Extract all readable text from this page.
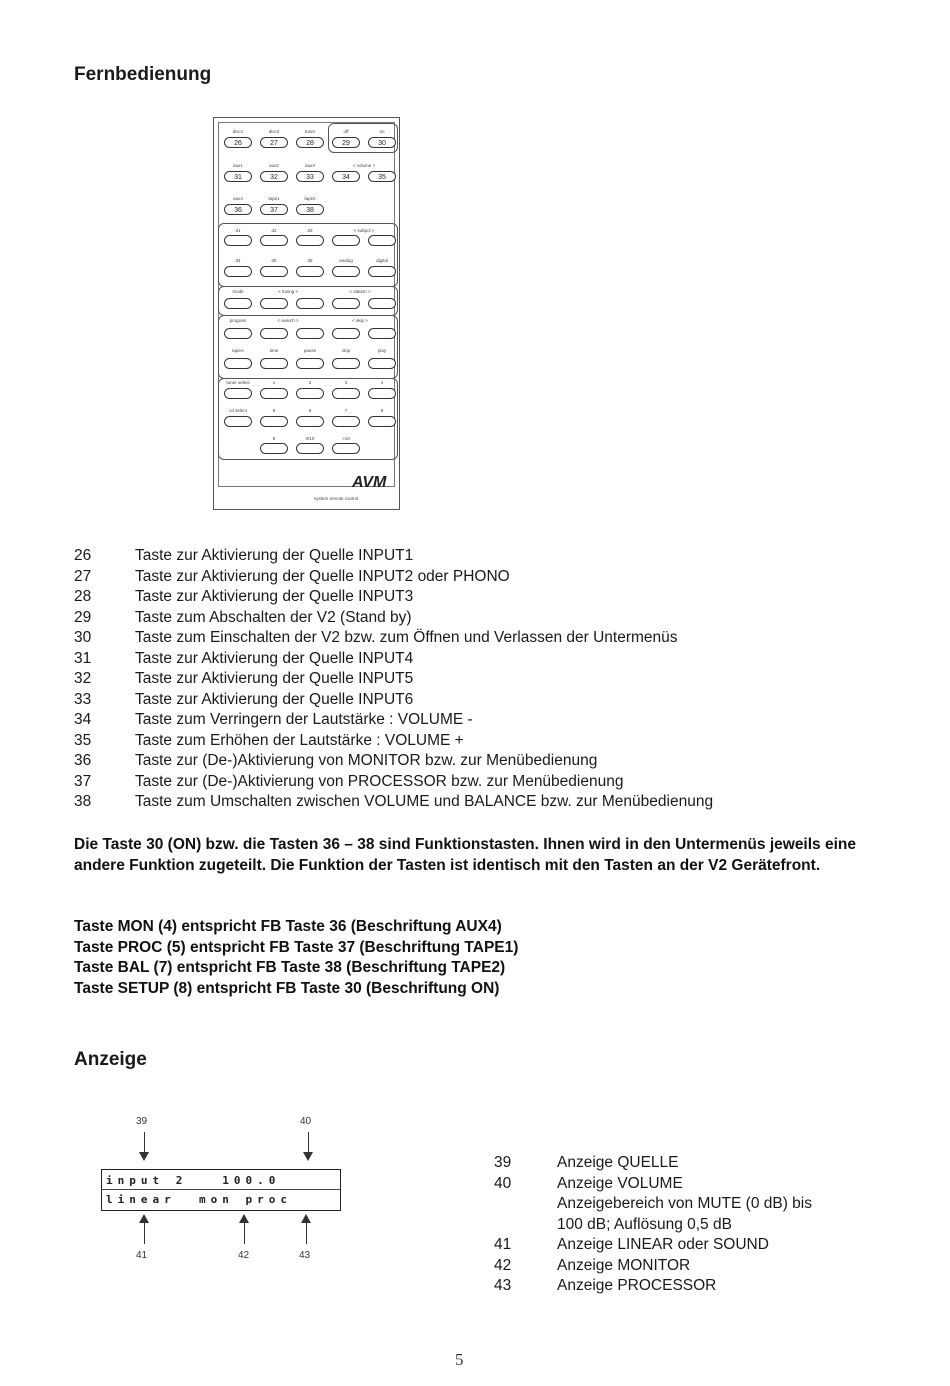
Fernbedienung
disc1	disc2	tuner	off	on
26	27	28	29	30
aux1	aux2	aux3	< volume >
31	32	33	34	35
aux4	tape1	tape2
36	37	38
d1	d2	d3	< subpol >
d4	d5	d6	analog	digital
mode	< tuning >	< station >
program	< search >	< skip >
tapeA	time	pause	stop	play
tuner select	1	2	3	4
cd select	5	6	7	8
9	0/10	>10
AVM
system remote control
26	Taste zur Aktivierung der Quelle INPUT1
27	Taste zur Aktivierung der Quelle INPUT2 oder PHONO
28	Taste zur Aktivierung der Quelle INPUT3
29	Taste zum Abschalten der V2 (Stand by)
30	Taste zum Einschalten der V2 bzw. zum Öffnen und Verlassen der Untermenüs
31	Taste zur Aktivierung der Quelle INPUT4
32	Taste zur Aktivierung der Quelle INPUT5
33	Taste zur Aktivierung der Quelle INPUT6
34	Taste zum Verringern der Lautstärke : VOLUME -
35	Taste zum Erhöhen der Lautstärke : VOLUME +
36	Taste zur (De-)Aktivierung von MONITOR bzw. zur Menübedienung
37	Taste zur (De-)Aktivierung von PROCESSOR bzw. zur Menübedienung
38	Taste zum Umschalten zwischen VOLUME und BALANCE bzw. zur Menübedienung
Die Taste 30 (ON) bzw. die Tasten 36 – 38 sind Funktionstasten. Ihnen wird in den Untermenüs jeweils eine andere Funktion zugeteilt. Die Funktion der Tasten ist identisch mit den Tasten an der V2 Gerätefront.
Taste MON (4) entspricht FB Taste 36 (Beschriftung AUX4)
Taste PROC (5) entspricht FB Taste 37 (Beschriftung TAPE1)
Taste BAL (7) entspricht FB Taste 38 (Beschriftung TAPE2)
Taste SETUP (8) entspricht FB Taste 30 (Beschriftung ON)
Anzeige
39	40
input 2   100.0
linear  mon proc
41	42	43
39	Anzeige QUELLE
40	Anzeige VOLUME
Anzeigebereich von MUTE (0 dB) bis
100 dB; Auflösung 0,5 dB
41	Anzeige LINEAR oder SOUND
42	Anzeige MONITOR
43	Anzeige PROCESSOR
5
